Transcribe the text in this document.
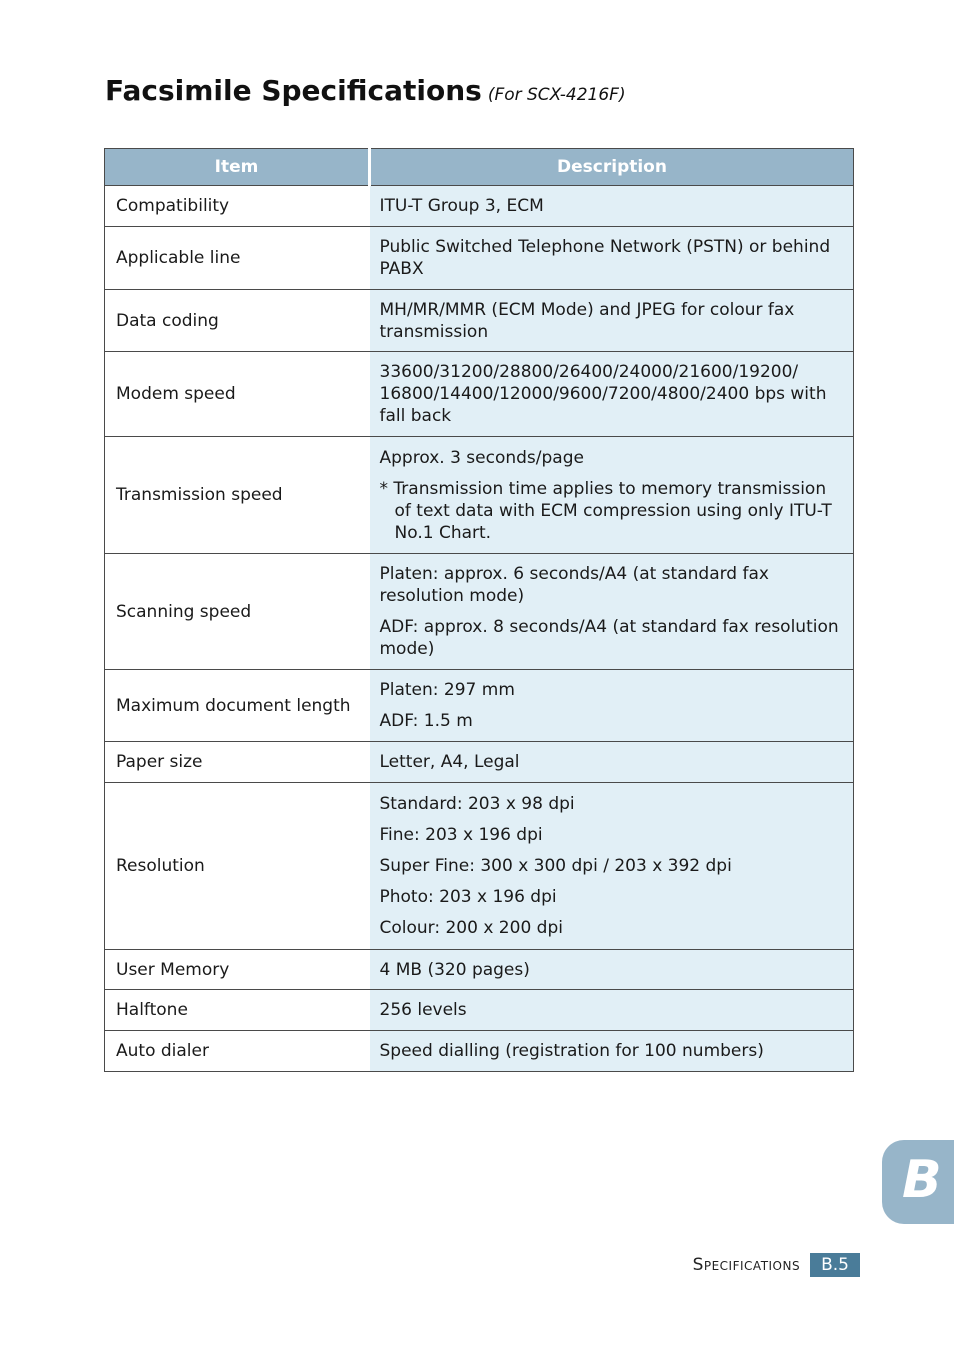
Facsimile Specifications (For SCX-4216F)
Item	Description
Compatibility	ITU-T Group 3, ECM

Applicable line	Public Switched Telephone Network (PSTN) or behind PABX

Data coding	MH/MR/MMR (ECM Mode) and JPEG for colour fax transmission

Modem speed	33600/31200/28800/26400/24000/21600/19200/ 16800/14400/12000/9600/7200/4800/2400 bps with fall back

Transmission speed	Approx. 3 seconds/page
* Transmission time applies to memory transmission of text data with ECM compression using only ITU-T No.1 Chart.

Scanning speed	Platen: approx. 6 seconds/A4 (at standard fax resolution mode)
ADF: approx. 8 seconds/A4 (at standard fax resolution mode)

Maximum document length	Platen: 297 mm
ADF: 1.5 m

Paper size	Letter, A4, Legal

Resolution	Standard: 203 x 98 dpi
Fine: 203 x 196 dpi
Super Fine: 300 x 300 dpi / 203 x 392 dpi
Photo: 203 x 196 dpi
Colour: 200 x 200 dpi

User Memory	4 MB (320 pages)

Halftone	256 levels

Auto dialer	Speed dialling (registration for 100 numbers)
B
Specifications	B.5
